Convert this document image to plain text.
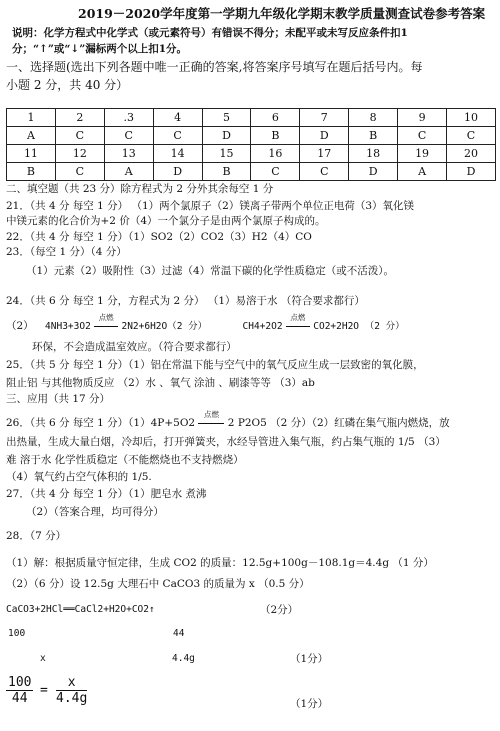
2019－2020学年度第一学期九年级化学期末教学质量测查试卷参考答案
说明：化学方程式中化学式（或元素符号）有错误不得分；未配平或未写反应条件扣1
分；“↑”或“↓”漏标两个以上扣1分。
一、选择题(选出下列各题中唯一正确的答案,将答案序号填写在题后括号内。每
小题 2 分，共 40 分）
1	2	.3	4	5	6	7	8	9	10
A	C	C	C	D	B	D	B	C	C
11	12	13	14	15	16	17	18	19	20
B	C	A	D	B	C	C	D	A	D
二、填空题（共 23 分）除方程式为 2 分外其余每空 1 分
21．（共 4 分 每空 1 分） （1）两个氯原子（2）镁离子带两个单位正电荷（3）氧化镁
中镁元素的化合价为+2 价（4）一个氯分子是由两个氯原子构成的。
22．（共 4 分 每空 1 分）（1）SO2（2）CO2（3）H2（4）CO
23．（每空 1 分）（4 分）
（1）元素（2）吸附性（3）过滤（4）常温下碳的化学性质稳定（或不活泼）。
24．（共 6 分 每空 1 分，方程式为 2 分） （1）易溶于水 （符合要求都行）
（2） 4NH3+3O2
点燃
2N2+6H2O（2 分）	CH4+2O2
点燃
CO2+2H2O （2 分）
环保，不会造成温室效应。（符合要求都行）
25．（共 5 分 每空 1 分）（1）铝在常温下能与空气中的氧气反应生成一层致密的氧化膜，
阻止铝 与其他物质反应 （2）水 、氧气 涂油 、刷漆等等 （3）ab
三、应用（共 17 分）
26．（共 6 分 每空 1 分）（1）4P+5O2
点燃
2 P2O5 （2 分）（2）红磷在集气瓶内燃烧，放
出热量，生成大量白烟，冷却后，打开弹簧夹，水经导管进入集气瓶，约占集气瓶的 1/5 （3）
难 溶于水 化学性质稳定（不能燃烧也不支持燃烧）
（4）氧气约占空气体积的 1/5.
27．（共 4 分 每空 1 分）（1）肥皂水 煮沸
（2）（答案合理，均可得分）
28．（7 分）
（1）解：根据质量守恒定律，生成 CO2 的质量：12.5g+100g－108.1g＝4.4g （1 分）
（2）（6 分）设 12.5g 大理石中 CaCO3 的质量为 x （0.5 分）
CaCO3+2HCl══CaCl2+H2O+CO2↑	（2分）
100	44
x	4.4g	（1分）
$\frac{100}{44} = \frac{x}{4.4g}$	（1分）
